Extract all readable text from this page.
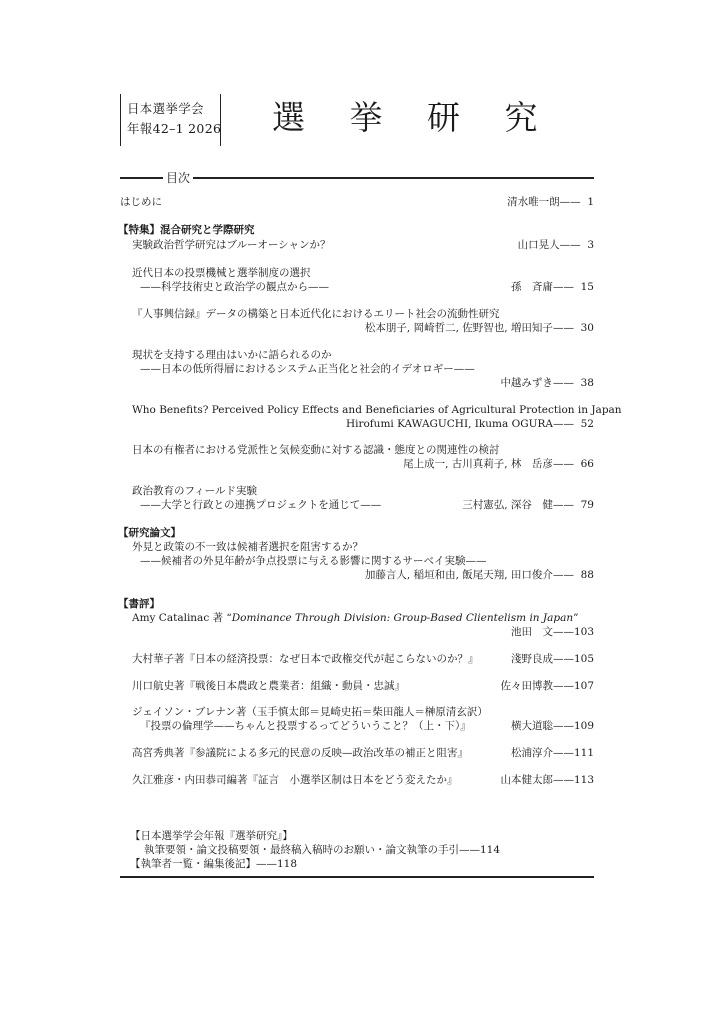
日本選挙学会
年報42–1 2026 選 挙 研 究
目次
はじめに	清水唯一朗—— 1
【特集】混合研究と学際研究
実験政治哲学研究はブルーオーシャンか？	山口晃人—— 3
近代日本の投票機械と選挙制度の選択
——科学技術史と政治学の観点から——	孫　斉庸—— 15
『人事興信録』データの構築と日本近代化におけるエリート社会の流動性研究
松本朋子, 岡崎哲二, 佐野智也, 増田知子—— 30
現状を支持する理由はいかに語られるのか
——日本の低所得層におけるシステム正当化と社会的イデオロギー——
中越みずき—— 38
Who Benefits? Perceived Policy Effects and Beneficiaries of Agricultural Protection in Japan
Hirofumi KAWAGUCHI, Ikuma OGURA—— 52
日本の有権者における党派性と気候変動に対する認識・態度との関連性の検討
尾上成一, 古川真莉子, 林　岳彦—— 66
政治教育のフィールド実験
——大学と行政との連携プロジェクトを通じて——	三村憲弘, 深谷　健—— 79
【研究論文】
外見と政策の不一致は候補者選択を阻害するか？
——候補者の外見年齢が争点投票に与える影響に関するサーベイ実験——
加藤言人, 稲垣和由, 飯尾天翔, 田口俊介—— 88
【書評】
Amy Catalinac 著 “Dominance Through Division: Group-Based Clientelism in Japan”
池田　文——103
大村華子著『日本の経済投票：なぜ日本で政権交代が起こらないのか？』	淺野良成——105
川口航史著『戦後日本農政と農業者：組織・動員・忠誠』	佐々田博教——107
ジェイソン・ブレナン著（玉手慎太郎＝見崎史拓＝柴田龍人＝榊原清玄訳）
『投票の倫理学——ちゃんと投票するってどういうこと？（上・下）』	横大道聡——109
高宮秀典著『参議院による多元的民意の反映—政治改革の補正と阻害』	松浦淳介——111
久江雅彦・内田恭司編著『証言　小選挙区制は日本をどう変えたか』	山本健太郎——113
【日本選挙学会年報『選挙研究』】
執筆要領・論文投稿要領・最終稿入稿時のお願い・論文執筆の手引——114
【執筆者一覧・編集後記】——118
